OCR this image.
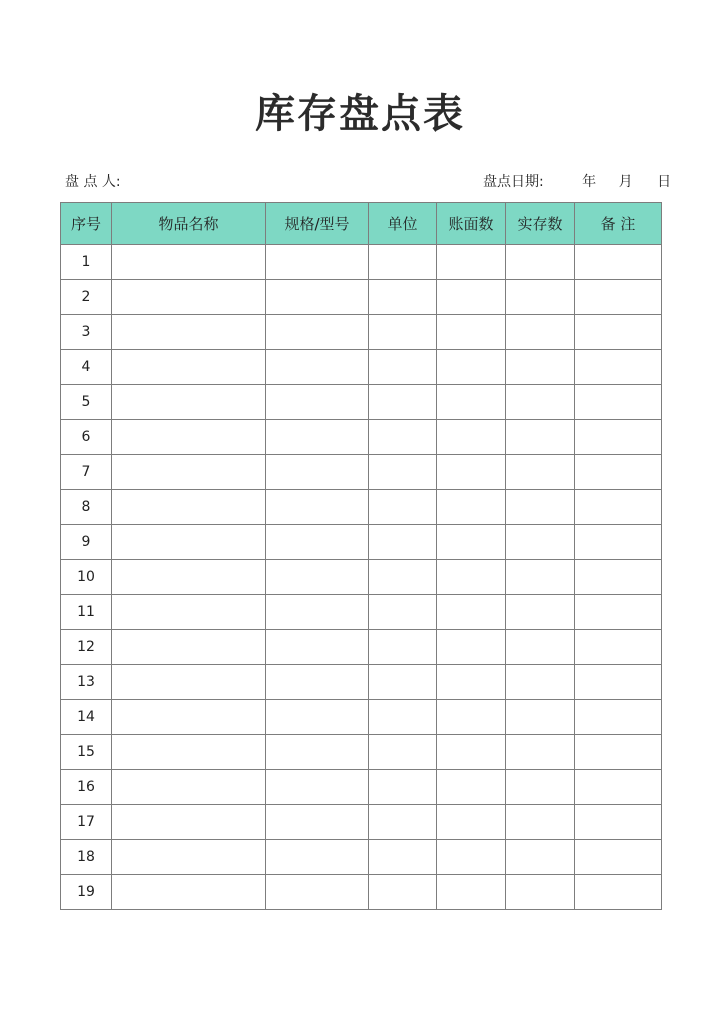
库存盘点表
盘 点 人:	盘点日期:	年 月 日
序号	物品名称	规格/型号	单位	账面数	实存数	备 注
1						
2						
3						
4						
5						
6						
7						
8						
9						
10						
11						
12						
13						
14						
15						
16						
17						
18						
19						
